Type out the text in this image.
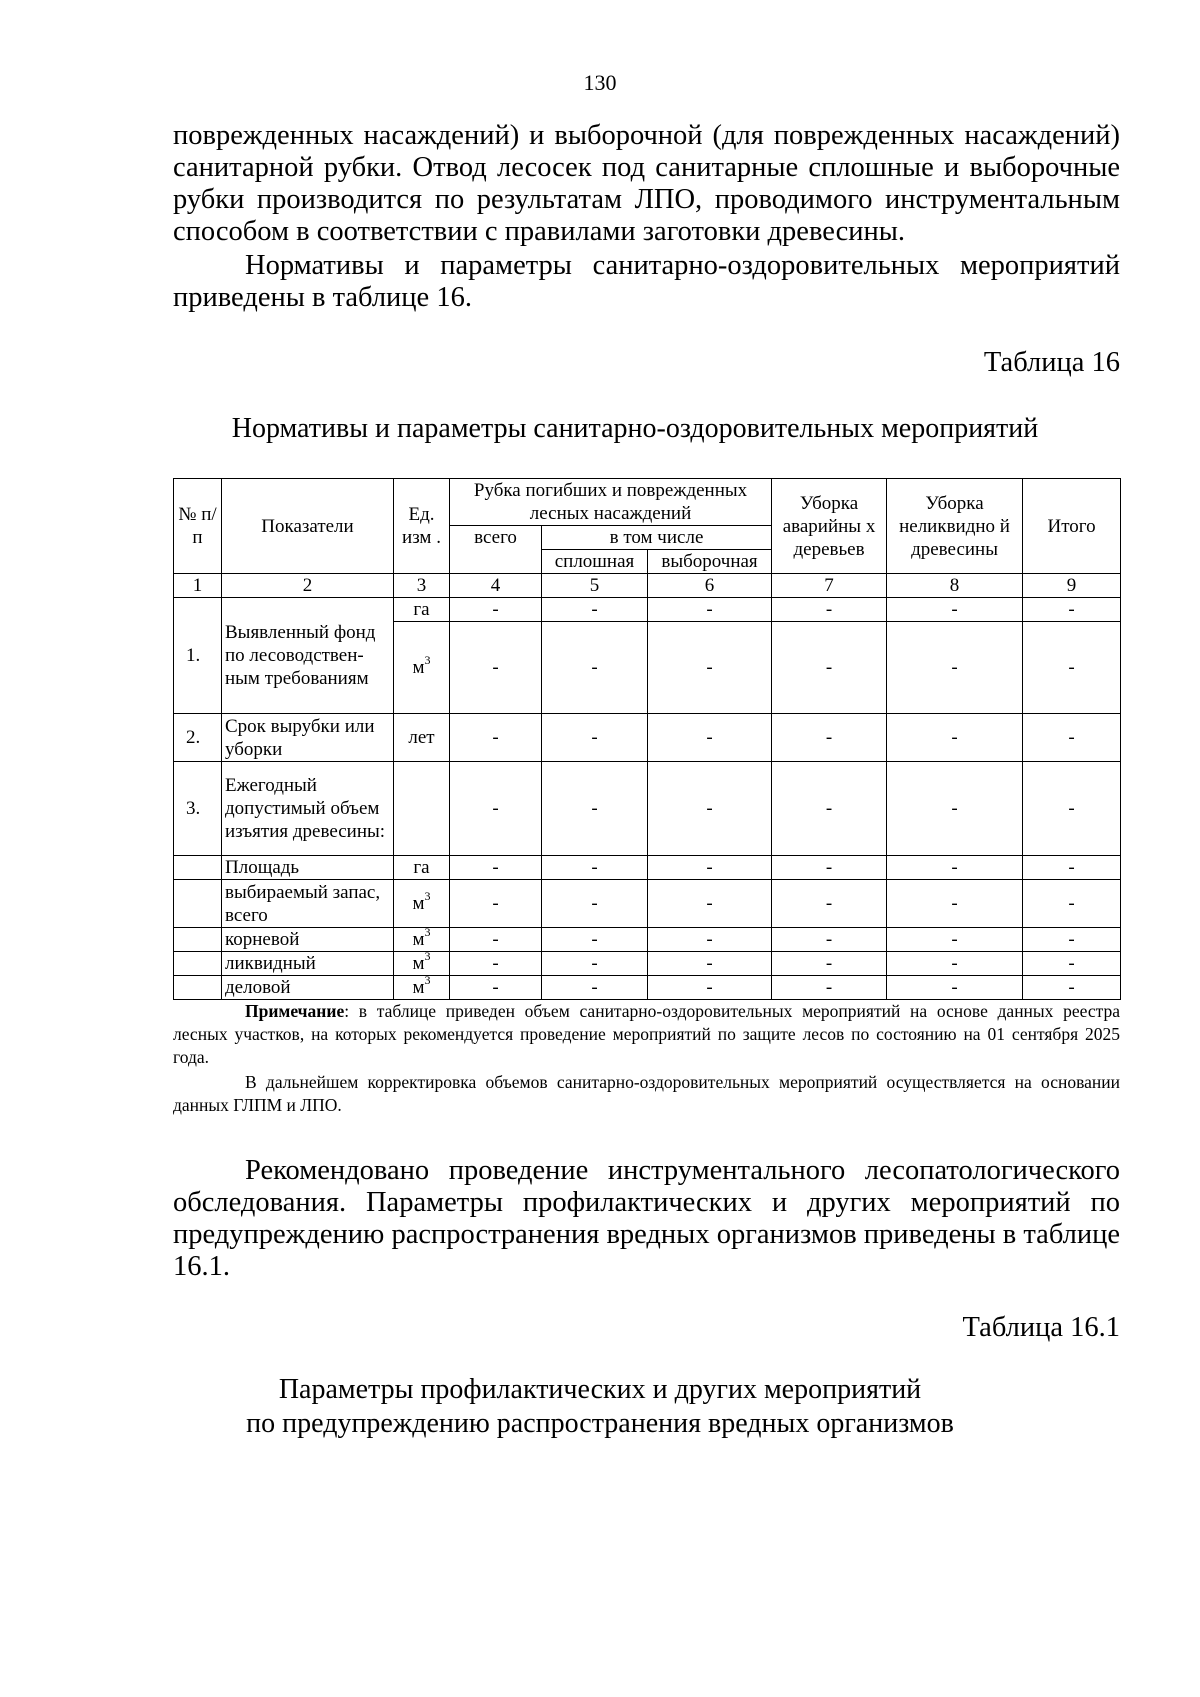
130

поврежденных насаждений) и выборочной (для поврежденных насаждений) санитарной рубки. Отвод лесосек под санитарные сплошные и выборочные рубки производится по результатам ЛПО, проводимого инструментальным способом в соответствии с правилами заготовки древесины.

Нормативы и параметры санитарно-оздоровительных мероприятий приведены в таблице 16.

Таблица 16

Нормативы и параметры санитарно-оздоровительных мероприятий

№ п/ п	Показатели	Ед. изм .	Рубка погибших и поврежденных лесных насаждений			Уборка аварийны х деревьев	Уборка неликвидно й древесины	Итого

			всего	в том числе				
				сплошная	выборочная			
1	2	3	4	5	6	7	8	9
1.	Выявленный фонд по лесоводствен-ным требованиям	га	-	-	-	-	-	-
		$м^3$	-	-	-	-	-	-
2.	Срок вырубки или уборки	лет	-	-	-	-	-	-
3.	Ежегодный допустимый объем изъятия древесины:		-	-	-	-	-	-
	Площадь	га	-	-	-	-	-	-
	выбираемый запас, всего	$м^3$	-	-	-	-	-	-
	корневой	$м^3$	-	-	-	-	-	-
	ликвидный	$м^3$	-	-	-	-	-	-
	деловой	$м^3$	-	-	-	-	-	-

Примечание: в таблице приведен объем санитарно-оздоровительных мероприятий на основе данных реестра лесных участков, на которых рекомендуется проведение мероприятий по защите лесов по состоянию на 01 сентября 2025 года.

В дальнейшем корректировка объемов санитарно-оздоровительных мероприятий осуществляется на основании данных ГЛПМ и ЛПО.

Рекомендовано проведение инструментального лесопатологического обследования. Параметры профилактических и других мероприятий по предупреждению распространения вредных организмов приведены в таблице 16.1.

Таблица 16.1

Параметры профилактических и других мероприятий

по предупреждению распространения вредных организмов
